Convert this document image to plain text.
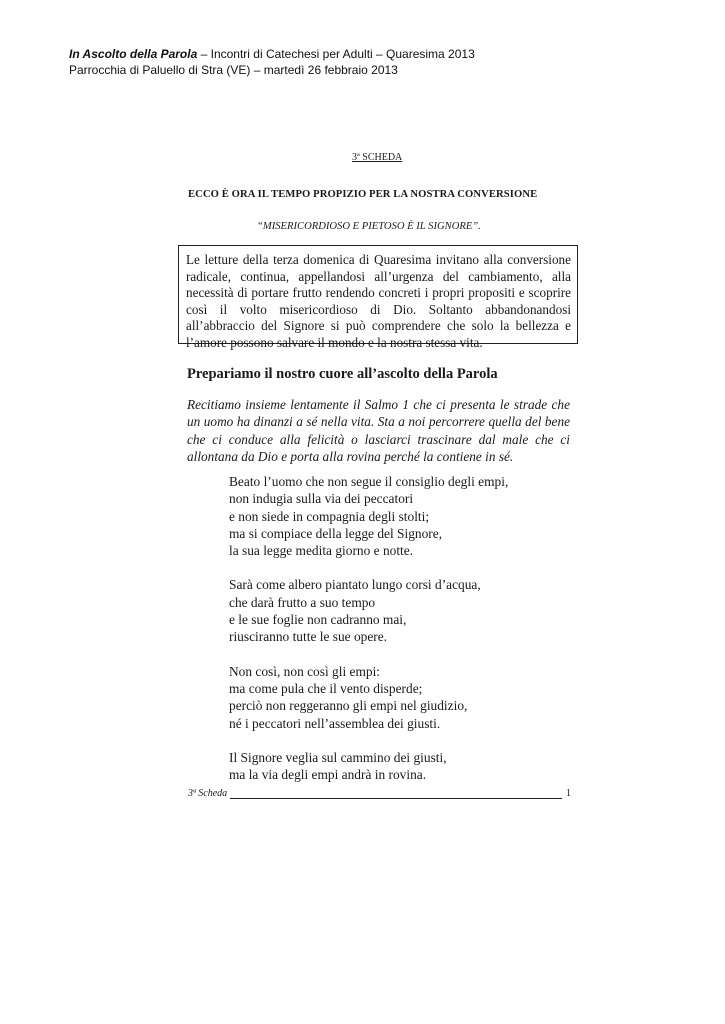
In Ascolto della Parola – Incontri di Catechesi per Adulti – Quaresima 2013
Parrocchia di Paluello di Stra (VE) – martedì 26 febbraio 2013
3ª SCHEDA
ECCO È ORA IL TEMPO PROPIZIO PER LA NOSTRA CONVERSIONE
“MISERICORDIOSO E PIETOSO È IL SIGNORE”.

Le letture della terza domenica di Quaresima invitano alla conversione radicale, continua, appellandosi all’urgenza del cambiamento, alla necessità di portare frutto rendendo concreti i propri propositi e scoprire così il volto misericordioso di Dio. Soltanto abbandonandosi all’abbraccio del Signore si può comprendere che solo la bellezza e l’amore possono salvare il mondo e la nostra stessa vita.

Prepariamo il nostro cuore all’ascolto della Parola

Recitiamo insieme lentamente il Salmo 1 che ci presenta le strade che un uomo ha dinanzi a sé nella vita. Sta a noi percorrere quella del bene che ci conduce alla felicità o lasciarci trascinare dal male che ci allontana da Dio e porta alla rovina perché la contiene in sé.

Beato l’uomo che non segue il consiglio degli empi,
non indugia sulla via dei peccatori
e non siede in compagnia degli stolti;
ma si compiace della legge del Signore,
la sua legge medita giorno e notte.
Sarà come albero piantato lungo corsi d’acqua,
che darà frutto a suo tempo
e le sue foglie non cadranno mai,
riusciranno tutte le sue opere.
Non così, non così gli empi:
ma come pula che il vento disperde;
perciò non reggeranno gli empi nel giudizio,
né i peccatori nell’assemblea dei giusti.
Il Signore veglia sul cammino dei giusti,
ma la via degli empi andrà in rovina.
3ª Scheda	1
